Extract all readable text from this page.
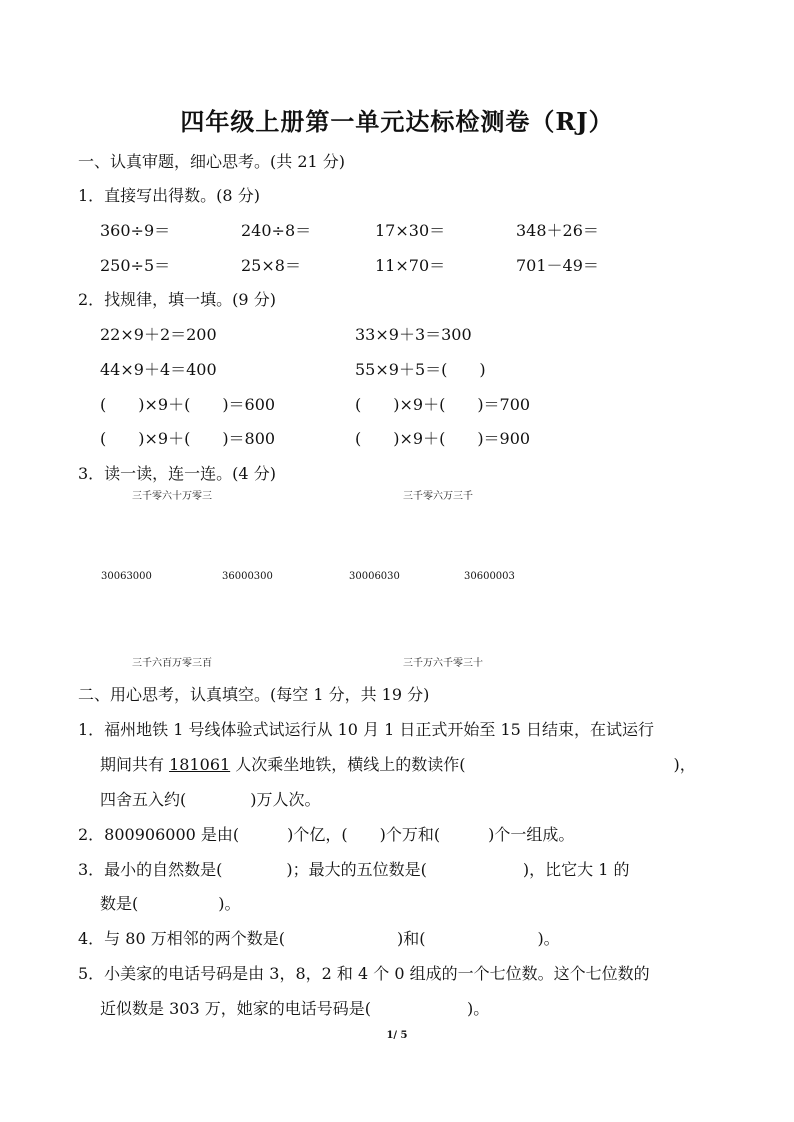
四年级上册第一单元达标检测卷（RJ）
一、认真审题，细心思考。(共 21 分)
1．直接写出得数。(8 分)
360÷9＝	240÷8＝	17×30＝	348＋26＝
250÷5＝	25×8＝	11×70＝	701－49＝
2．找规律，填一填。(9 分)
22×9＋2＝200	33×9＋3＝300
44×9＋4＝400	55×9＋5＝(　　)
(　　)×9＋(　　)＝600	(　　)×9＋(　　)＝700
(　　)×9＋(　　)＝800	(　　)×9＋(　　)＝900
3．读一读，连一连。(4 分)
三千零六十万零三	三千零六万三千
30063000	36000300	30006030	30600003
三千六百万零三百	三千万六千零三十
二、用心思考，认真填空。(每空 1 分，共 19 分)
1．福州地铁 1 号线体验式试运行从 10 月 1 日正式开始至 15 日结束，在试运行
期间共有 181061 人次乘坐地铁，横线上的数读作(　　　　　　　　　　　　　)，
四舍五入约(　　　　)万人次。
2．800906000 是由(　　　)个亿，(　　)个万和(　　　)个一组成。
3．最小的自然数是(　　　　)；最大的五位数是(　　　　　　)，比它大 1 的
数是(　　　　　)。
4．与 80 万相邻的两个数是(　　　　　　　)和(　　　　　　　)。
5．小美家的电话号码是由 3，8，2 和 4 个 0 组成的一个七位数。这个七位数的
近似数是 303 万，她家的电话号码是(　　　　　　)。
1/ 5
